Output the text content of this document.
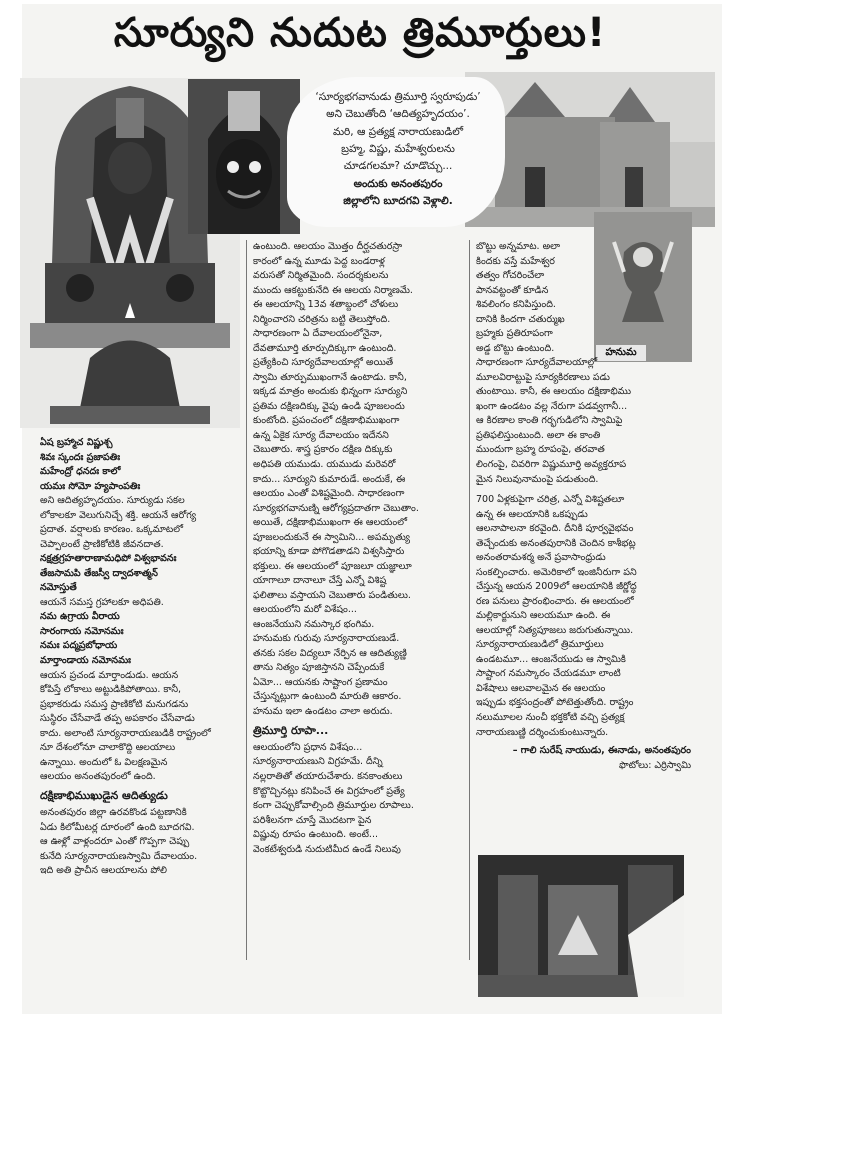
సూర్యుని నుదుట త్రిమూర్తులు!
‘సూర్యభగవానుడు త్రిమూర్తి స్వరూపుడు’
అని చెబుతోంది ‘ఆదిత్యహృదయం’.
మరి, ఆ ప్రత్యక్ష నారాయణుడిలో
బ్రహ్మ, విష్ణు, మహేశ్వరులను
చూడగలమా? చూడొచ్చు...
అందుకు అనంతపురం
జిల్లాలోని బూదగవి వెళ్లాలి.
హనుమ

ఏష బ్రహ్మాచ విష్ణుశ్చ

శివః స్కందః ప్రజాపతిః

మహేంద్రో ధనదః కాలో

యమః సోమో హ్యపాంపతిః

అని ఆదిత్యహృదయం. సూర్యుడు సకల

లోకాలకూ వెలుగునిచ్చే శక్తి. ఆయనే ఆరోగ్య

ప్రదాత. వర్షాలకు కారణం. ఒక్కమాటలో

చెప్పాలంటే ప్రాణికోటికి జీవనదాత.

నక్షత్రగ్రహతారాణామధిపో విశ్వభావనః

తేజసామపి తేజస్వీ ద్వాదశాత్మన్

నమోస్తుతే

ఆయనే సమస్త గ్రహాలకూ అధిపతి.

నమ ఉగ్రాయ వీరాయ

సారంగాయ నమోనమః

నమః పద్మప్రబోధాయ

మార్తాండాయ నమోనమః

ఆయన ప్రచండ మార్తాండుడు. ఆయన

కోపిస్తే లోకాలు అట్టుడికిపోతాయి. కానీ,

ప్రభాకరుడు సమస్త ప్రాణికోటి మనుగడను

సుస్థిరం చేసేవాడే తప్ప అపకారం చేసేవాడు

కాదు. అలాంటి సూర్యనారాయణుడికి రాష్ట్రంలో

నూ దేశంలోనూ చాలాకొద్ది ఆలయాలు

ఉన్నాయి. అందులో ఓ విలక్షణమైన

ఆలయం అనంతపురంలో ఉంది.

దక్షిణాభిముఖుడైన ఆదిత్యుడు

అనంతపురం జిల్లా ఉరవకొండ పట్టణానికి

ఏడు కిలోమీటర్ల దూరంలో ఉంది బూదగవి.

ఆ ఊళ్లో వాళ్లందరూ ఎంతో గొప్పగా చెప్పు

కునేది సూర్యనారాయణస్వామి దేవాలయం.

ఇది అతి ప్రాచీన ఆలయాలను పోలి

ఉంటుంది. ఆలయం మొత్తం దీర్ఘచతురస్రా

కారంలో ఉన్న మూడు పెద్ద బండరాళ్ల

వరుసతో నిర్మితమైంది. సందర్శకులను

ముందు ఆకట్టుకునేది ఈ ఆలయ నిర్మాణమే.

ఈ ఆలయాన్ని 13వ శతాబ్దంలో చోళులు

నిర్మించారని చరిత్రను బట్టి తెలుస్తోంది.

సాధారణంగా ఏ దేవాలయంలోనైనా,

దేవతామూర్తి తూర్పుదిక్కుగా ఉంటుంది.

ప్రత్యేకించి సూర్యదేవాలయాల్లో అయితే

స్వామి తూర్పుముఖంగానే ఉంటాడు. కానీ,

ఇక్కడ మాత్రం అందుకు భిన్నంగా సూర్యుని

ప్రతిమ దక్షిణదిక్కు వైపు ఉండి పూజలందు

కుంటోంది. ప్రపంచంలో దక్షిణాభిముఖంగా

ఉన్న ఏకైక సూర్య దేవాలయం ఇదేనని

చెబుతారు. శాస్త్ర ప్రకారం దక్షిణ దిక్కుకు

అధిపతి యముడు. యముడు మరెవరో

కాదు... సూర్యుని కుమారుడే. అందుకే, ఈ

ఆలయం ఎంతో విశిష్టమైంది. సాధారణంగా

సూర్యభగవానుణ్ని ఆరోగ్యప్రదాతగా చెబుతాం.

అయితే, దక్షిణాభిముఖంగా ఈ ఆలయంలో

పూజలందుకునే ఈ స్వామిని... అపమృత్యు

భయాన్ని కూడా పోగొడతాడని విశ్వసిస్తారు

భక్తులు. ఈ ఆలయంలో పూజలూ యజ్ఞాలూ

యాగాలూ దానాలూ చేస్తే ఎన్నో విశిష్ట

ఫలితాలు వస్తాయని చెబుతారు పండితులు.

ఆలయంలోని మరో విశేషం...

ఆంజనేయుని నమస్కార భంగిమ.

హనుమకు గురువు సూర్యనారాయణుడే.

తనకు సకల విద్యలూ నేర్పిన ఆ ఆదిత్యుణ్ణి

తాను నిత్యం పూజిస్తానని చెప్పేందుకే

ఏమో... ఆయనకు సాష్టాంగ ప్రణామం

చేస్తున్నట్లుగా ఉంటుంది మారుతి ఆకారం.

హనుమ ఇలా ఉండటం చాలా అరుదు.

త్రిమూర్తి రూపా...

ఆలయంలోని ప్రధాన విశేషం...

సూర్యనారాయణుని విగ్రహమే. దీన్ని

నల్లరాతితో తయారుచేశారు. కనకాంతులు

కొట్టొచ్చినట్లు కనిపించే ఈ విగ్రహంలో ప్రత్యే

కంగా చెప్పుకోవాల్సింది త్రిమూర్తుల రూపాలు.

పరిశీలనగా చూస్తే మొదటగా పైన

విష్ణువు రూపం ఉంటుంది. అంటే...

వెంకటేశ్వరుడి నుదుటిమీద ఉండే నిలువు

బొట్టు అన్నమాట. అలా

కిందకు వస్తే మహేశ్వర

తత్వం గోచరించేలా

పానవట్టంతో కూడిన

శివలింగం కనిపిస్తుంది.

దానికి కిందగా చతుర్ముఖ

బ్రహ్మకు ప్రతిరూపంగా

అడ్డ బొట్టు ఉంటుంది.

సాధారణంగా సూర్యదేవాలయాల్లో

మూలవిరాట్టుపై సూర్యకిరణాలు పడు

తుంటాయి. కానీ, ఈ ఆలయం దక్షిణాభిము

ఖంగా ఉండటం వల్ల నేరుగా పడవ్వగానీ...

ఆ కిరణాల కాంతి గర్భగుడిలోని స్వామిపై

ప్రతిఫలిస్తుంటుంది. అలా ఈ కాంతి

ముందుగా బ్రహ్మ రూపంపై, తరవాత

లింగంపై, చివరిగా విష్ణుమూర్తి అవ్యక్తరూప

మైన నిలువునామంపై పడుతుంది.

700 ఏళ్లకుపైగా చరిత్ర, ఎన్నో విశిష్టతలూ

ఉన్న ఈ ఆలయానికి ఒకప్పుడు

ఆలనాపాలనా కరవైంది. దీనికి పూర్వవైభవం

తెచ్చేందుకు అనంతపురానికి చెందిన కాశీభట్ల

అనంతరామశర్మ అనే ప్రవాసాంధ్రుడు

సంకల్పించారు. అమెరికాలో ఇంజినీరుగా పని

చేస్తున్న ఆయన 2009లో ఆలయానికి జీర్ణోద్ధ

రణ పనులు ప్రారంభించారు. ఈ ఆలయంలో

మల్లికార్జునుని ఆలయమూ ఉంది. ఈ

ఆలయాల్లో నిత్యపూజలు జరుగుతున్నాయి.

సూర్యనారాయణుడిలో త్రిమూర్తులు

ఉండటమూ... ఆంజనేయుడు ఆ స్వామికి

సాష్టాంగ నమస్కారం చేయడమూ లాంటి

విశేషాలు ఆలవాలమైన ఈ ఆలయం

ఇప్పుడు భక్తసంద్రంతో పోటెత్తుతోంది. రాష్ట్రం

నలుమూలల నుంచీ భక్తకోటి వచ్చి ప్రత్యక్ష

నారాయణుణ్ణి దర్శించుకుంటున్నారు.

– గాలి సురేష్ నాయుడు, ఈనాడు, అనంతపురం

ఫొటోలు: ఎర్రిస్వామి
